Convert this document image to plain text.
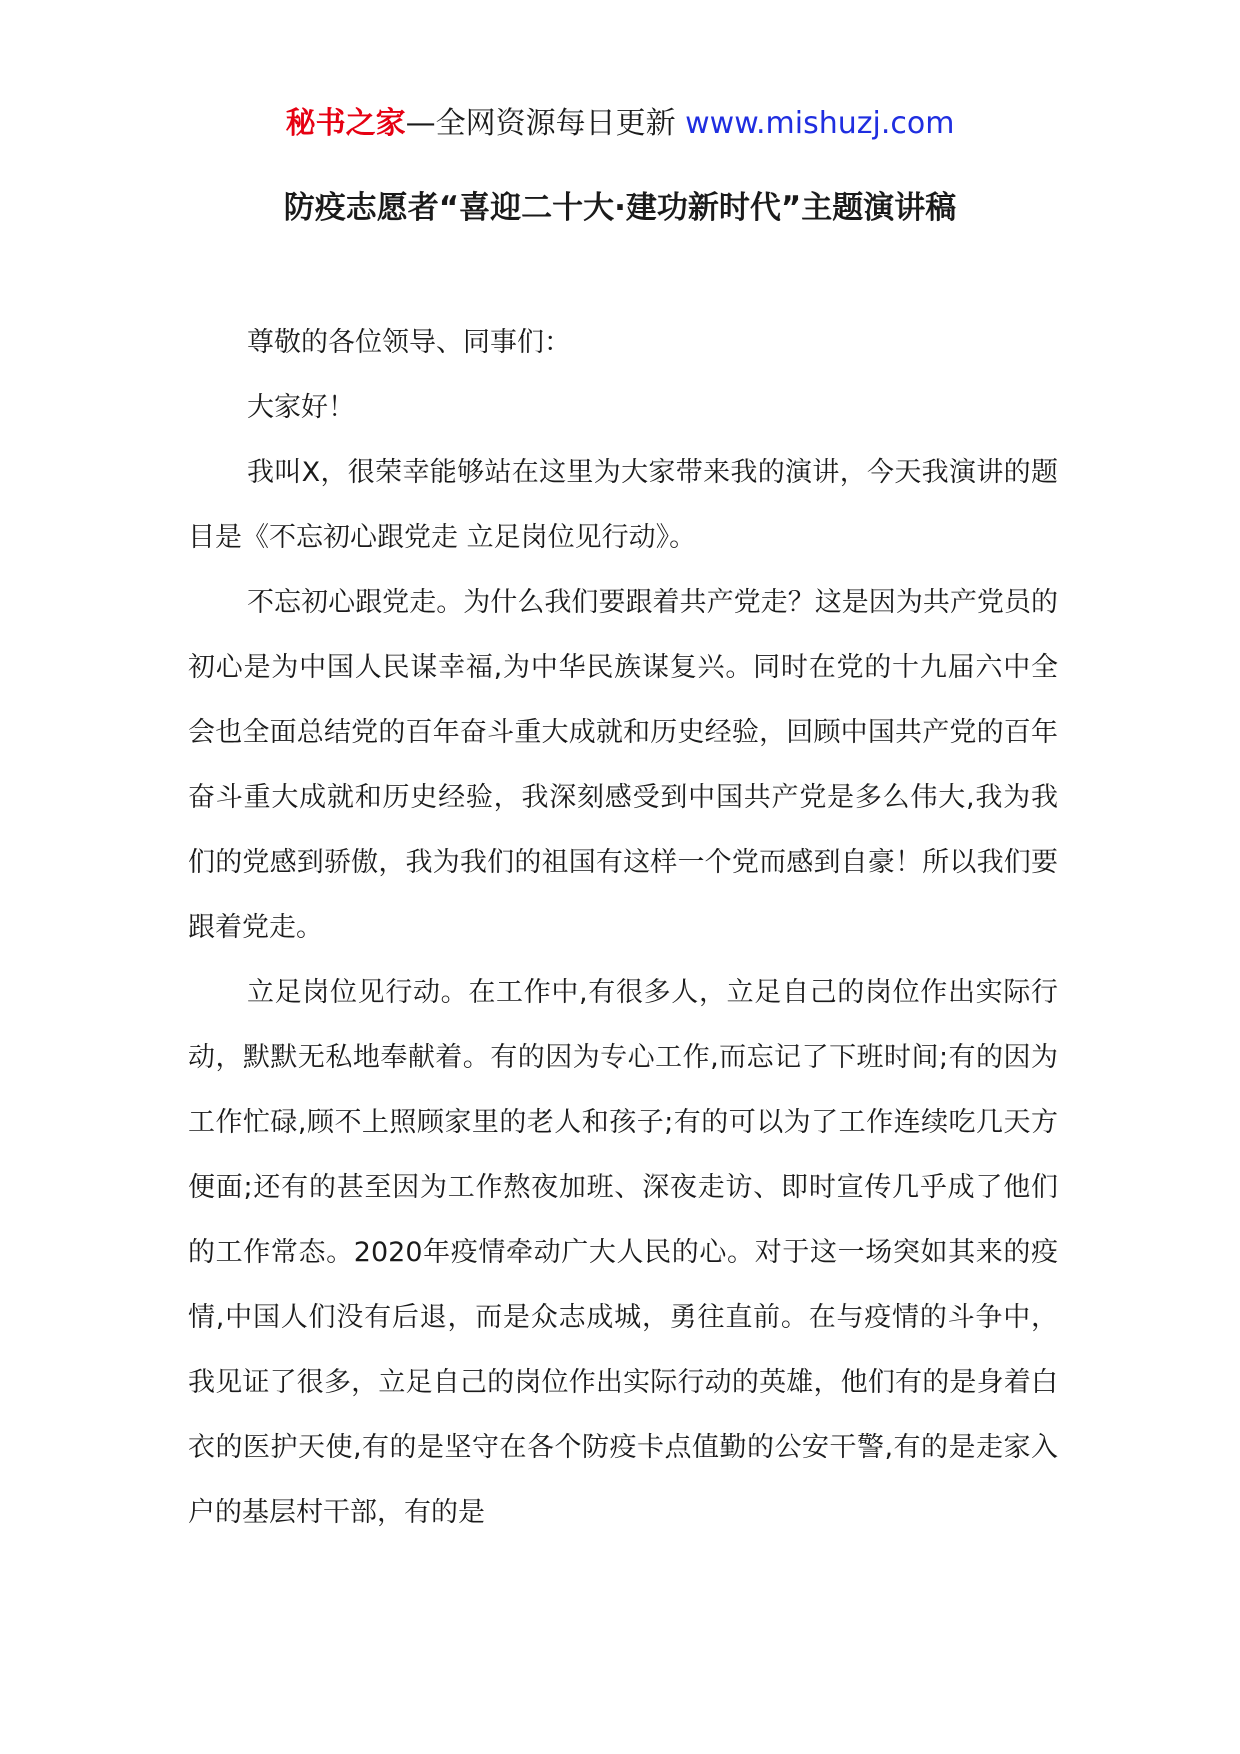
秘书之家—全网资源每日更新 www.mishuzj.com
防疫志愿者“喜迎二十大·建功新时代”主题演讲稿

尊敬的各位领导、同事们：

大家好！

我叫X，很荣幸能够站在这里为大家带来我的演讲，今天我演讲的题目是《不忘初心跟党走 立足岗位见行动》。

不忘初心跟党走。为什么我们要跟着共产党走？这是因为共产党员的初心是为中国人民谋幸福,为中华民族谋复兴。同时在党的十九届六中全会也全面总结党的百年奋斗重大成就和历史经验，回顾中国共产党的百年奋斗重大成就和历史经验，我深刻感受到中国共产党是多么伟大,我为我们的党感到骄傲，我为我们的祖国有这样一个党而感到自豪！所以我们要跟着党走。

立足岗位见行动。在工作中,有很多人，立足自己的岗位作出实际行动，默默无私地奉献着。有的因为专心工作,而忘记了下班时间;有的因为工作忙碌,顾不上照顾家里的老人和孩子;有的可以为了工作连续吃几天方便面;还有的甚至因为工作熬夜加班、深夜走访、即时宣传几乎成了他们的工作常态。2020年疫情牵动广大人民的心。对于这一场突如其来的疫情,中国人们没有后退，而是众志成城，勇往直前。在与疫情的斗争中，我见证了很多，立足自己的岗位作出实际行动的英雄，他们有的是身着白衣的医护天使,有的是坚守在各个防疫卡点值勤的公安干警,有的是走家入户的基层村干部，有的是
